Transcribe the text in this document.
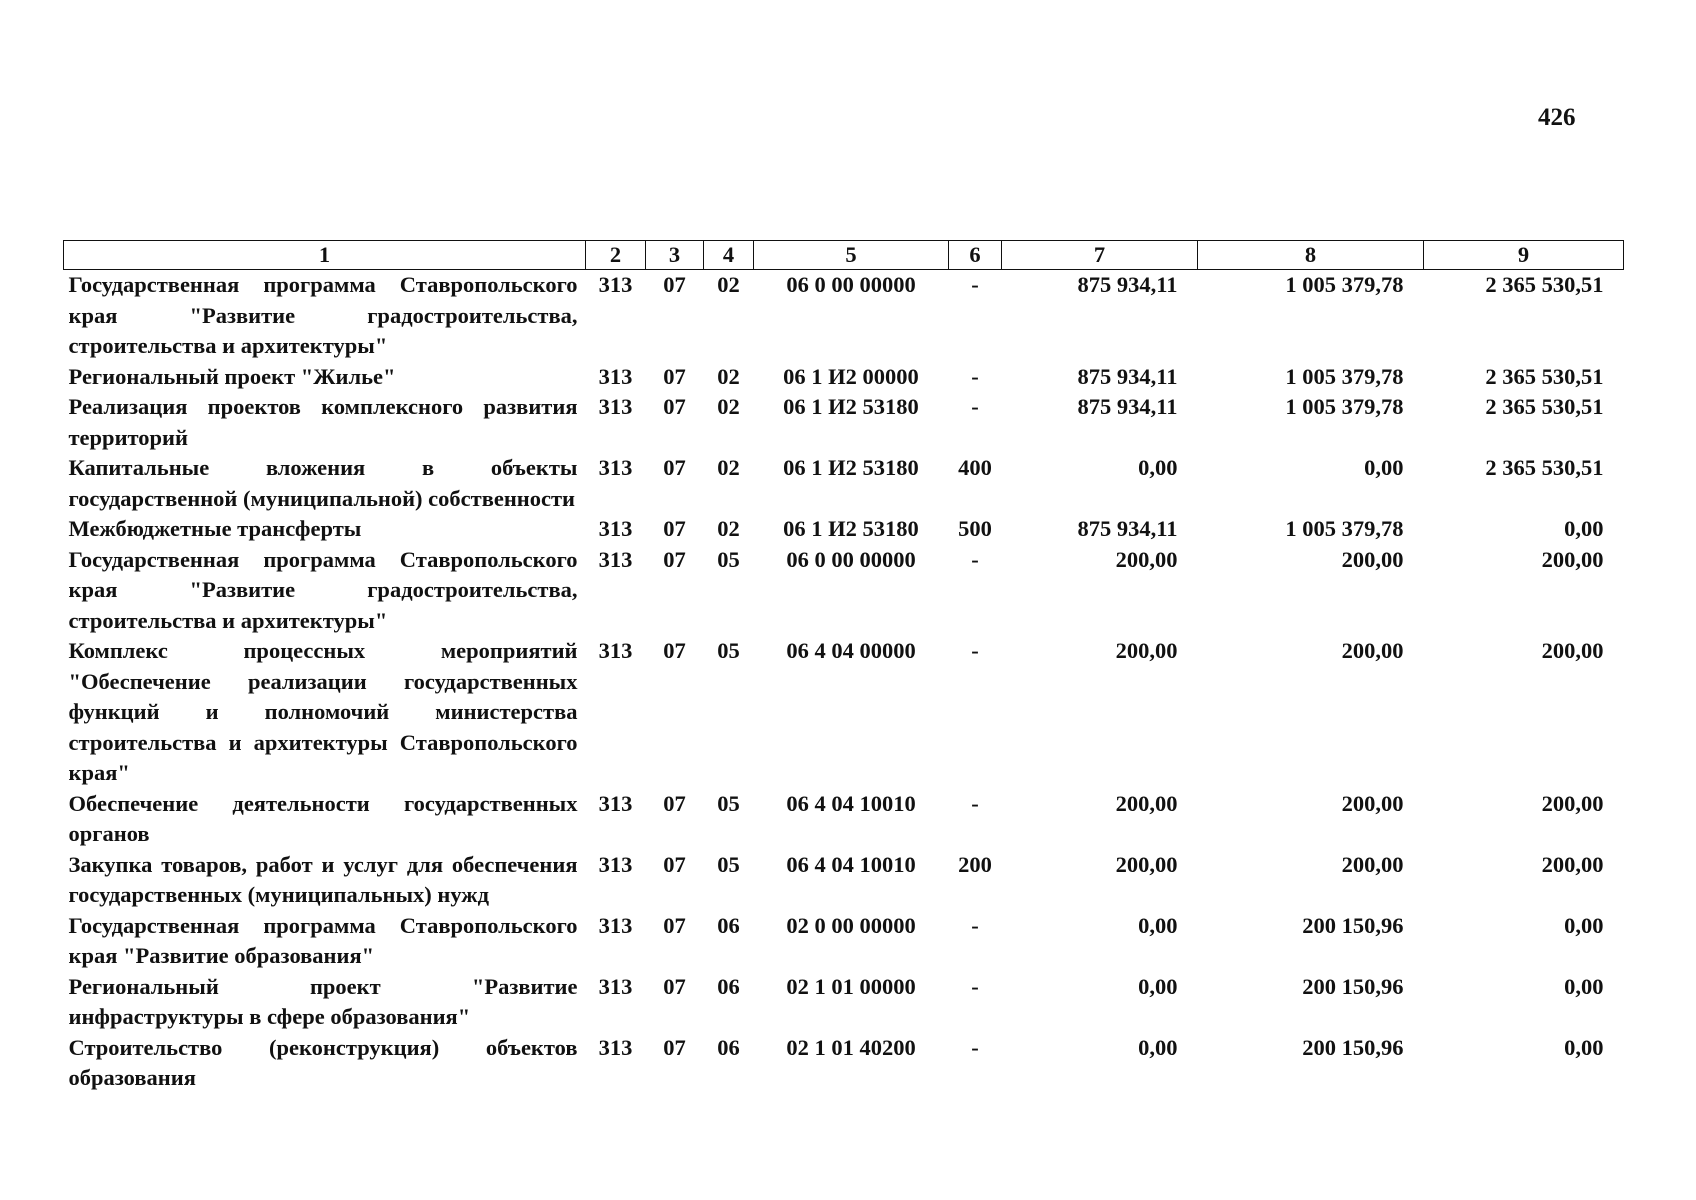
426
1	2	3	4	5	6	7	8	9
Государственная программа Ставропольского края "Развитие градостроительства, строительства и архитектуры"	313	07	02	06 0 00 00000	-	875 934,11	1 005 379,78	2 365 530,51
Региональный проект "Жилье"	313	07	02	06 1 И2 00000	-	875 934,11	1 005 379,78	2 365 530,51
Реализация проектов комплексного развития территорий	313	07	02	06 1 И2 53180	-	875 934,11	1 005 379,78	2 365 530,51
Капитальные вложения в объекты государственной (муниципальной) собственности	313	07	02	06 1 И2 53180	400	0,00	0,00	2 365 530,51
Межбюджетные трансферты	313	07	02	06 1 И2 53180	500	875 934,11	1 005 379,78	0,00
Государственная программа Ставропольского края "Развитие градостроительства, строительства и архитектуры"	313	07	05	06 0 00 00000	-	200,00	200,00	200,00
Комплекс процессных мероприятий "Обеспечение реализации государственных функций и полномочий министерства строительства и архитектуры Ставропольского края"	313	07	05	06 4 04 00000	-	200,00	200,00	200,00
Обеспечение деятельности государственных органов	313	07	05	06 4 04 10010	-	200,00	200,00	200,00
Закупка товаров, работ и услуг для обеспечения государственных (муниципальных) нужд	313	07	05	06 4 04 10010	200	200,00	200,00	200,00
Государственная программа Ставропольского края "Развитие образования"	313	07	06	02 0 00 00000	-	0,00	200 150,96	0,00
Региональный проект "Развитие инфраструктуры в сфере образования"	313	07	06	02 1 01 00000	-	0,00	200 150,96	0,00
Строительство (реконструкция) объектов образования	313	07	06	02 1 01 40200	-	0,00	200 150,96	0,00
